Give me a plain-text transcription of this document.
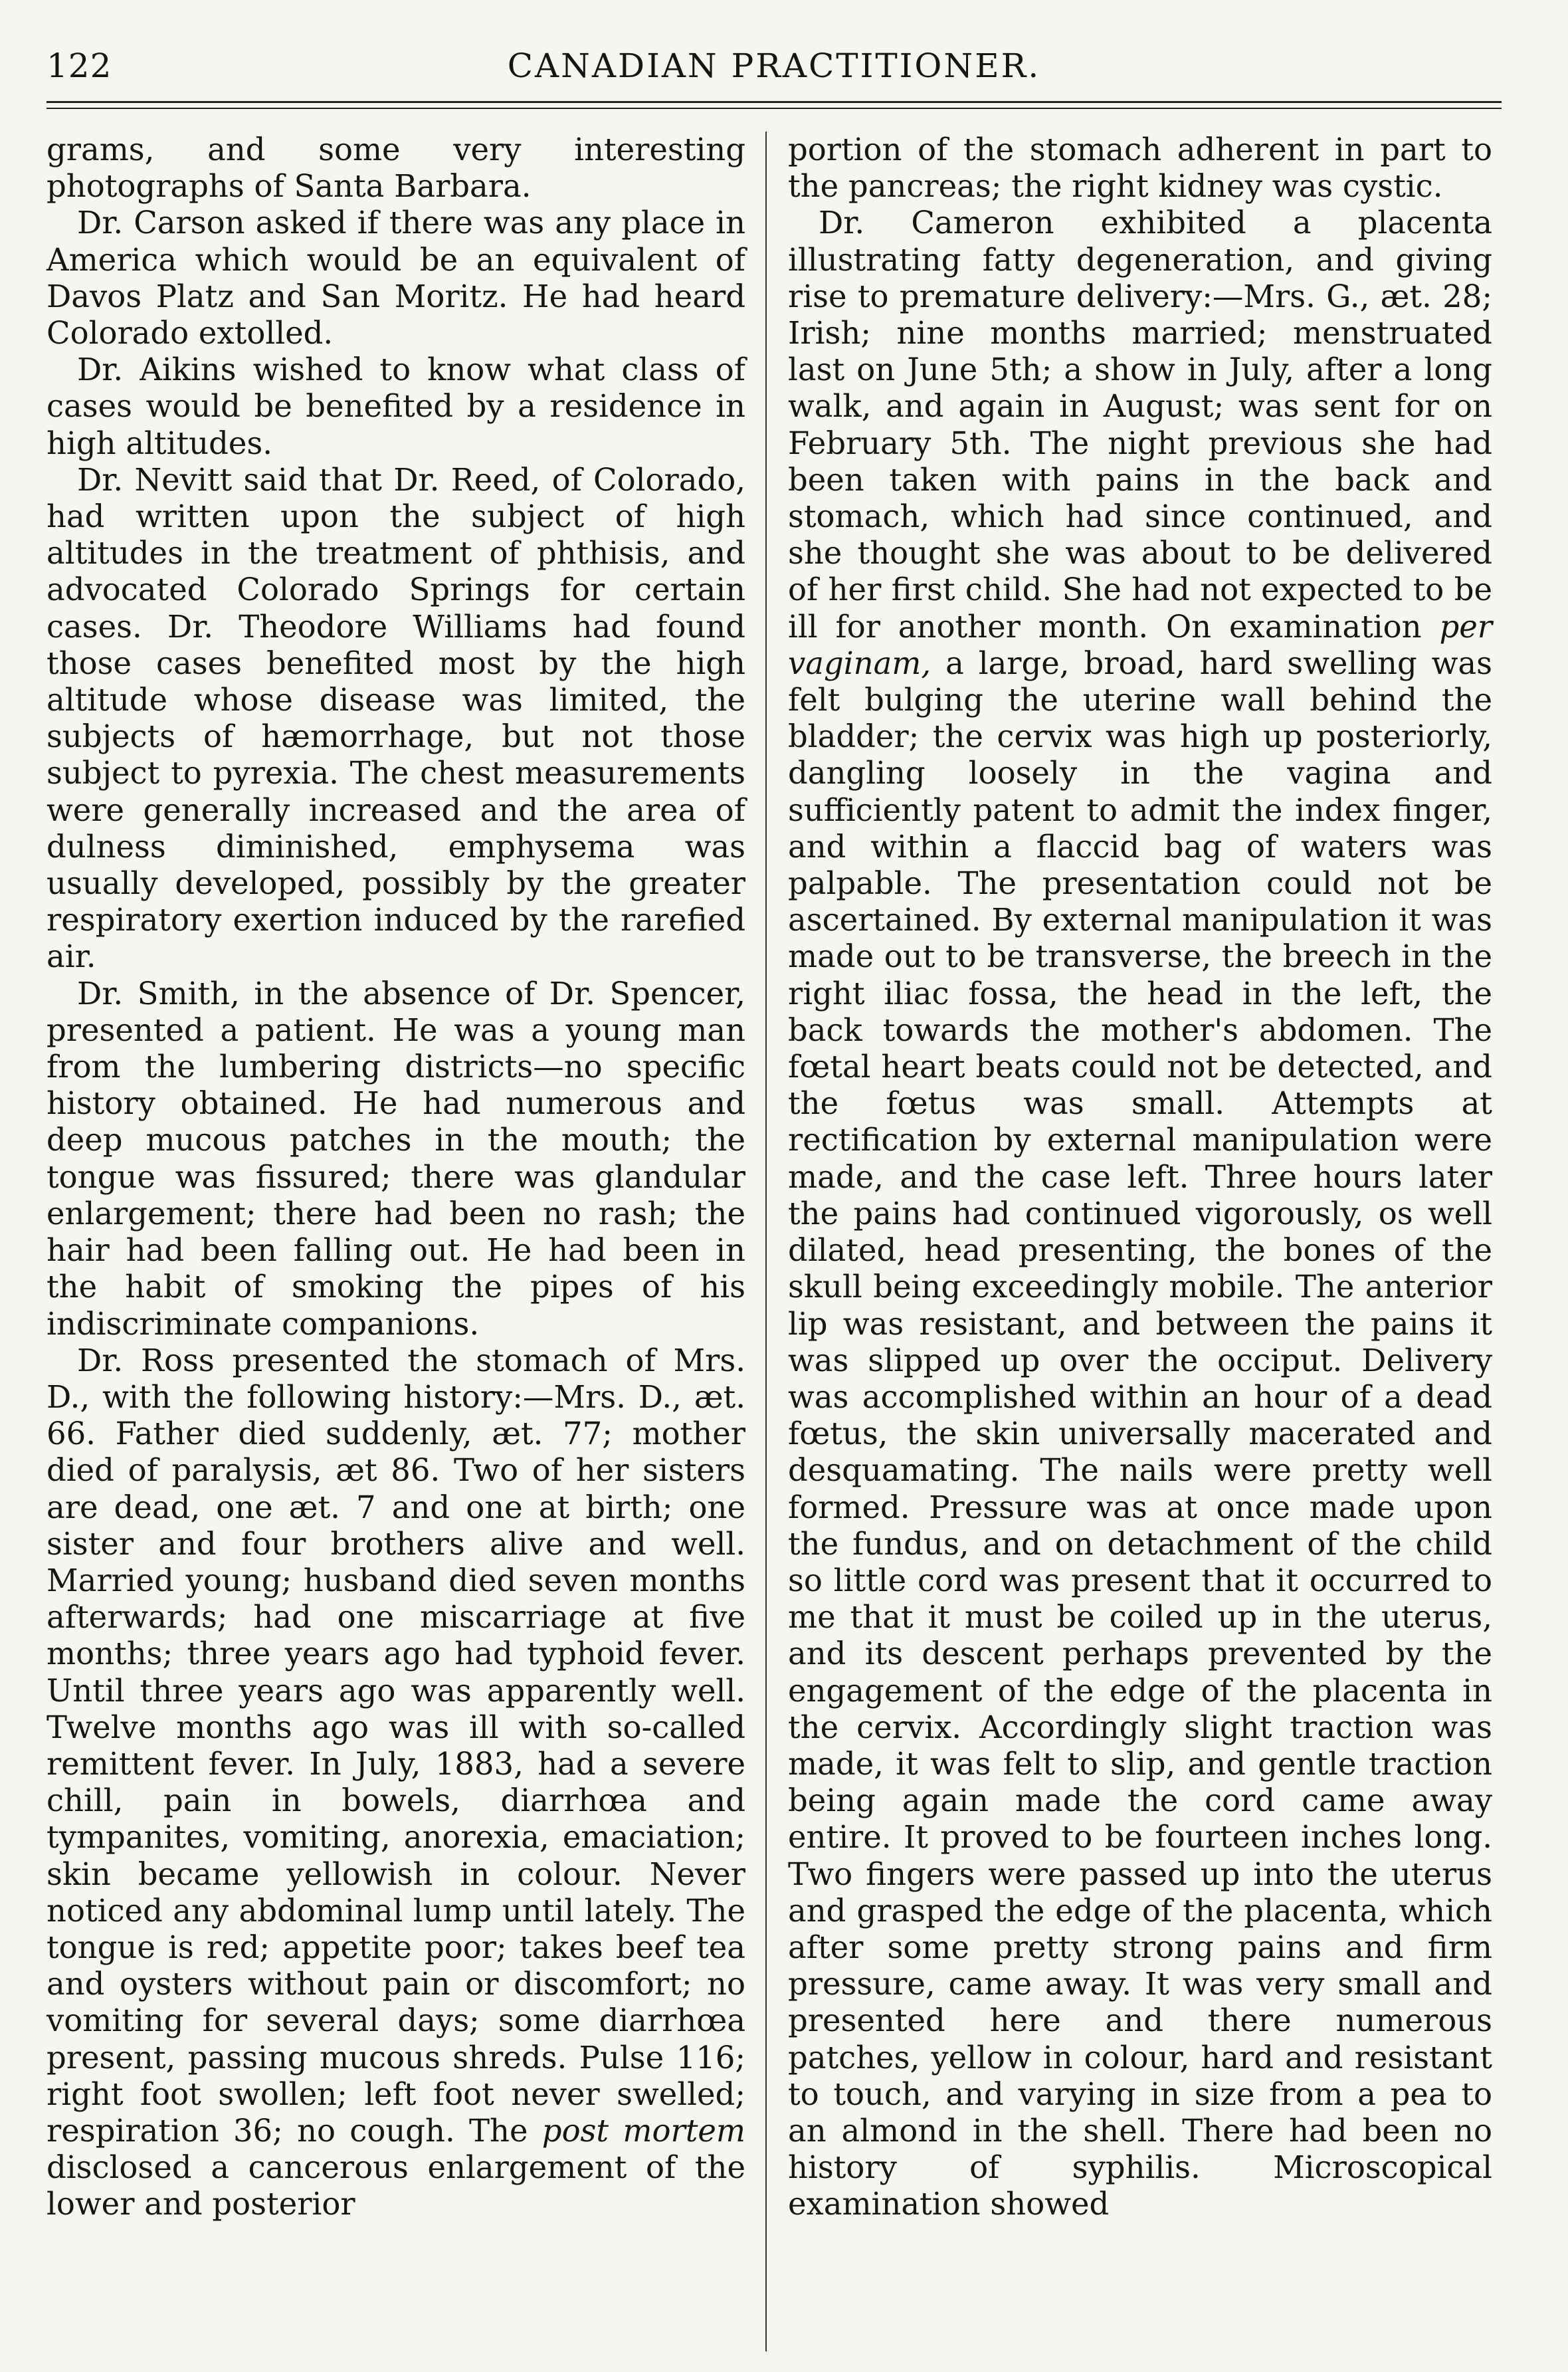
122	CANADIAN PRACTITIONER.

grams, and some very interesting photographs of Santa Barbara.

Dr. Carson asked if there was any place in America which would be an equivalent of Davos Platz and San Moritz. He had heard Colorado extolled.

Dr. Aikins wished to know what class of cases would be benefited by a residence in high altitudes.

Dr. Nevitt said that Dr. Reed, of Colorado, had written upon the subject of high altitudes in the treatment of phthisis, and advocated Colorado Springs for certain cases. Dr. Theodore Williams had found those cases benefited most by the high altitude whose disease was limited, the subjects of hæmorrhage, but not those subject to pyrexia. The chest measurements were generally increased and the area of dulness diminished, emphysema was usually developed, possibly by the greater respiratory exertion induced by the rarefied air.

Dr. Smith, in the absence of Dr. Spencer, presented a patient. He was a young man from the lumbering districts—no specific history obtained. He had numerous and deep mucous patches in the mouth; the tongue was fissured; there was glandular enlargement; there had been no rash; the hair had been falling out. He had been in the habit of smoking the pipes of his indiscriminate companions.

Dr. Ross presented the stomach of Mrs. D., with the following history:—Mrs. D., æt. 66. Father died suddenly, æt. 77; mother died of paralysis, æt 86. Two of her sisters are dead, one æt. 7 and one at birth; one sister and four brothers alive and well. Married young; husband died seven months afterwards; had one miscarriage at five months; three years ago had typhoid fever. Until three years ago was apparently well. Twelve months ago was ill with so-called remittent fever. In July, 1883, had a severe chill, pain in bowels, diarrhœa and tympanites, vomiting, anorexia, emaciation; skin became yellowish in colour. Never noticed any abdominal lump until lately. The tongue is red; appetite poor; takes beef tea and oysters without pain or discomfort; no vomiting for several days; some diarrhœa present, passing mucous shreds. Pulse 116; right foot swollen; left foot never swelled; respiration 36; no cough. The post mortem disclosed a cancerous enlargement of the lower and posterior

portion of the stomach adherent in part to the pancreas; the right kidney was cystic.

Dr. Cameron exhibited a placenta illustrating fatty degeneration, and giving rise to premature delivery:—Mrs. G., æt. 28; Irish; nine months married; menstruated last on June 5th; a show in July, after a long walk, and again in August; was sent for on February 5th. The night previous she had been taken with pains in the back and stomach, which had since continued, and she thought she was about to be delivered of her first child. She had not expected to be ill for another month. On examination per vaginam, a large, broad, hard swelling was felt bulging the uterine wall behind the bladder; the cervix was high up posteriorly, dangling loosely in the vagina and sufficiently patent to admit the index finger, and within a flaccid bag of waters was palpable. The presentation could not be ascertained. By external manipulation it was made out to be transverse, the breech in the right iliac fossa, the head in the left, the back towards the mother's abdomen. The fœtal heart beats could not be detected, and the fœtus was small. Attempts at rectification by external manipulation were made, and the case left. Three hours later the pains had continued vigorously, os well dilated, head presenting, the bones of the skull being exceedingly mobile. The anterior lip was resistant, and between the pains it was slipped up over the occiput. Delivery was accomplished within an hour of a dead fœtus, the skin universally macerated and desquamating. The nails were pretty well formed. Pressure was at once made upon the fundus, and on detachment of the child so little cord was present that it occurred to me that it must be coiled up in the uterus, and its descent perhaps prevented by the engagement of the edge of the placenta in the cervix. Accordingly slight traction was made, it was felt to slip, and gentle traction being again made the cord came away entire. It proved to be fourteen inches long. Two fingers were passed up into the uterus and grasped the edge of the placenta, which after some pretty strong pains and firm pressure, came away. It was very small and presented here and there numerous patches, yellow in colour, hard and resistant to touch, and varying in size from a pea to an almond in the shell. There had been no history of syphilis. Microscopical examination showed
